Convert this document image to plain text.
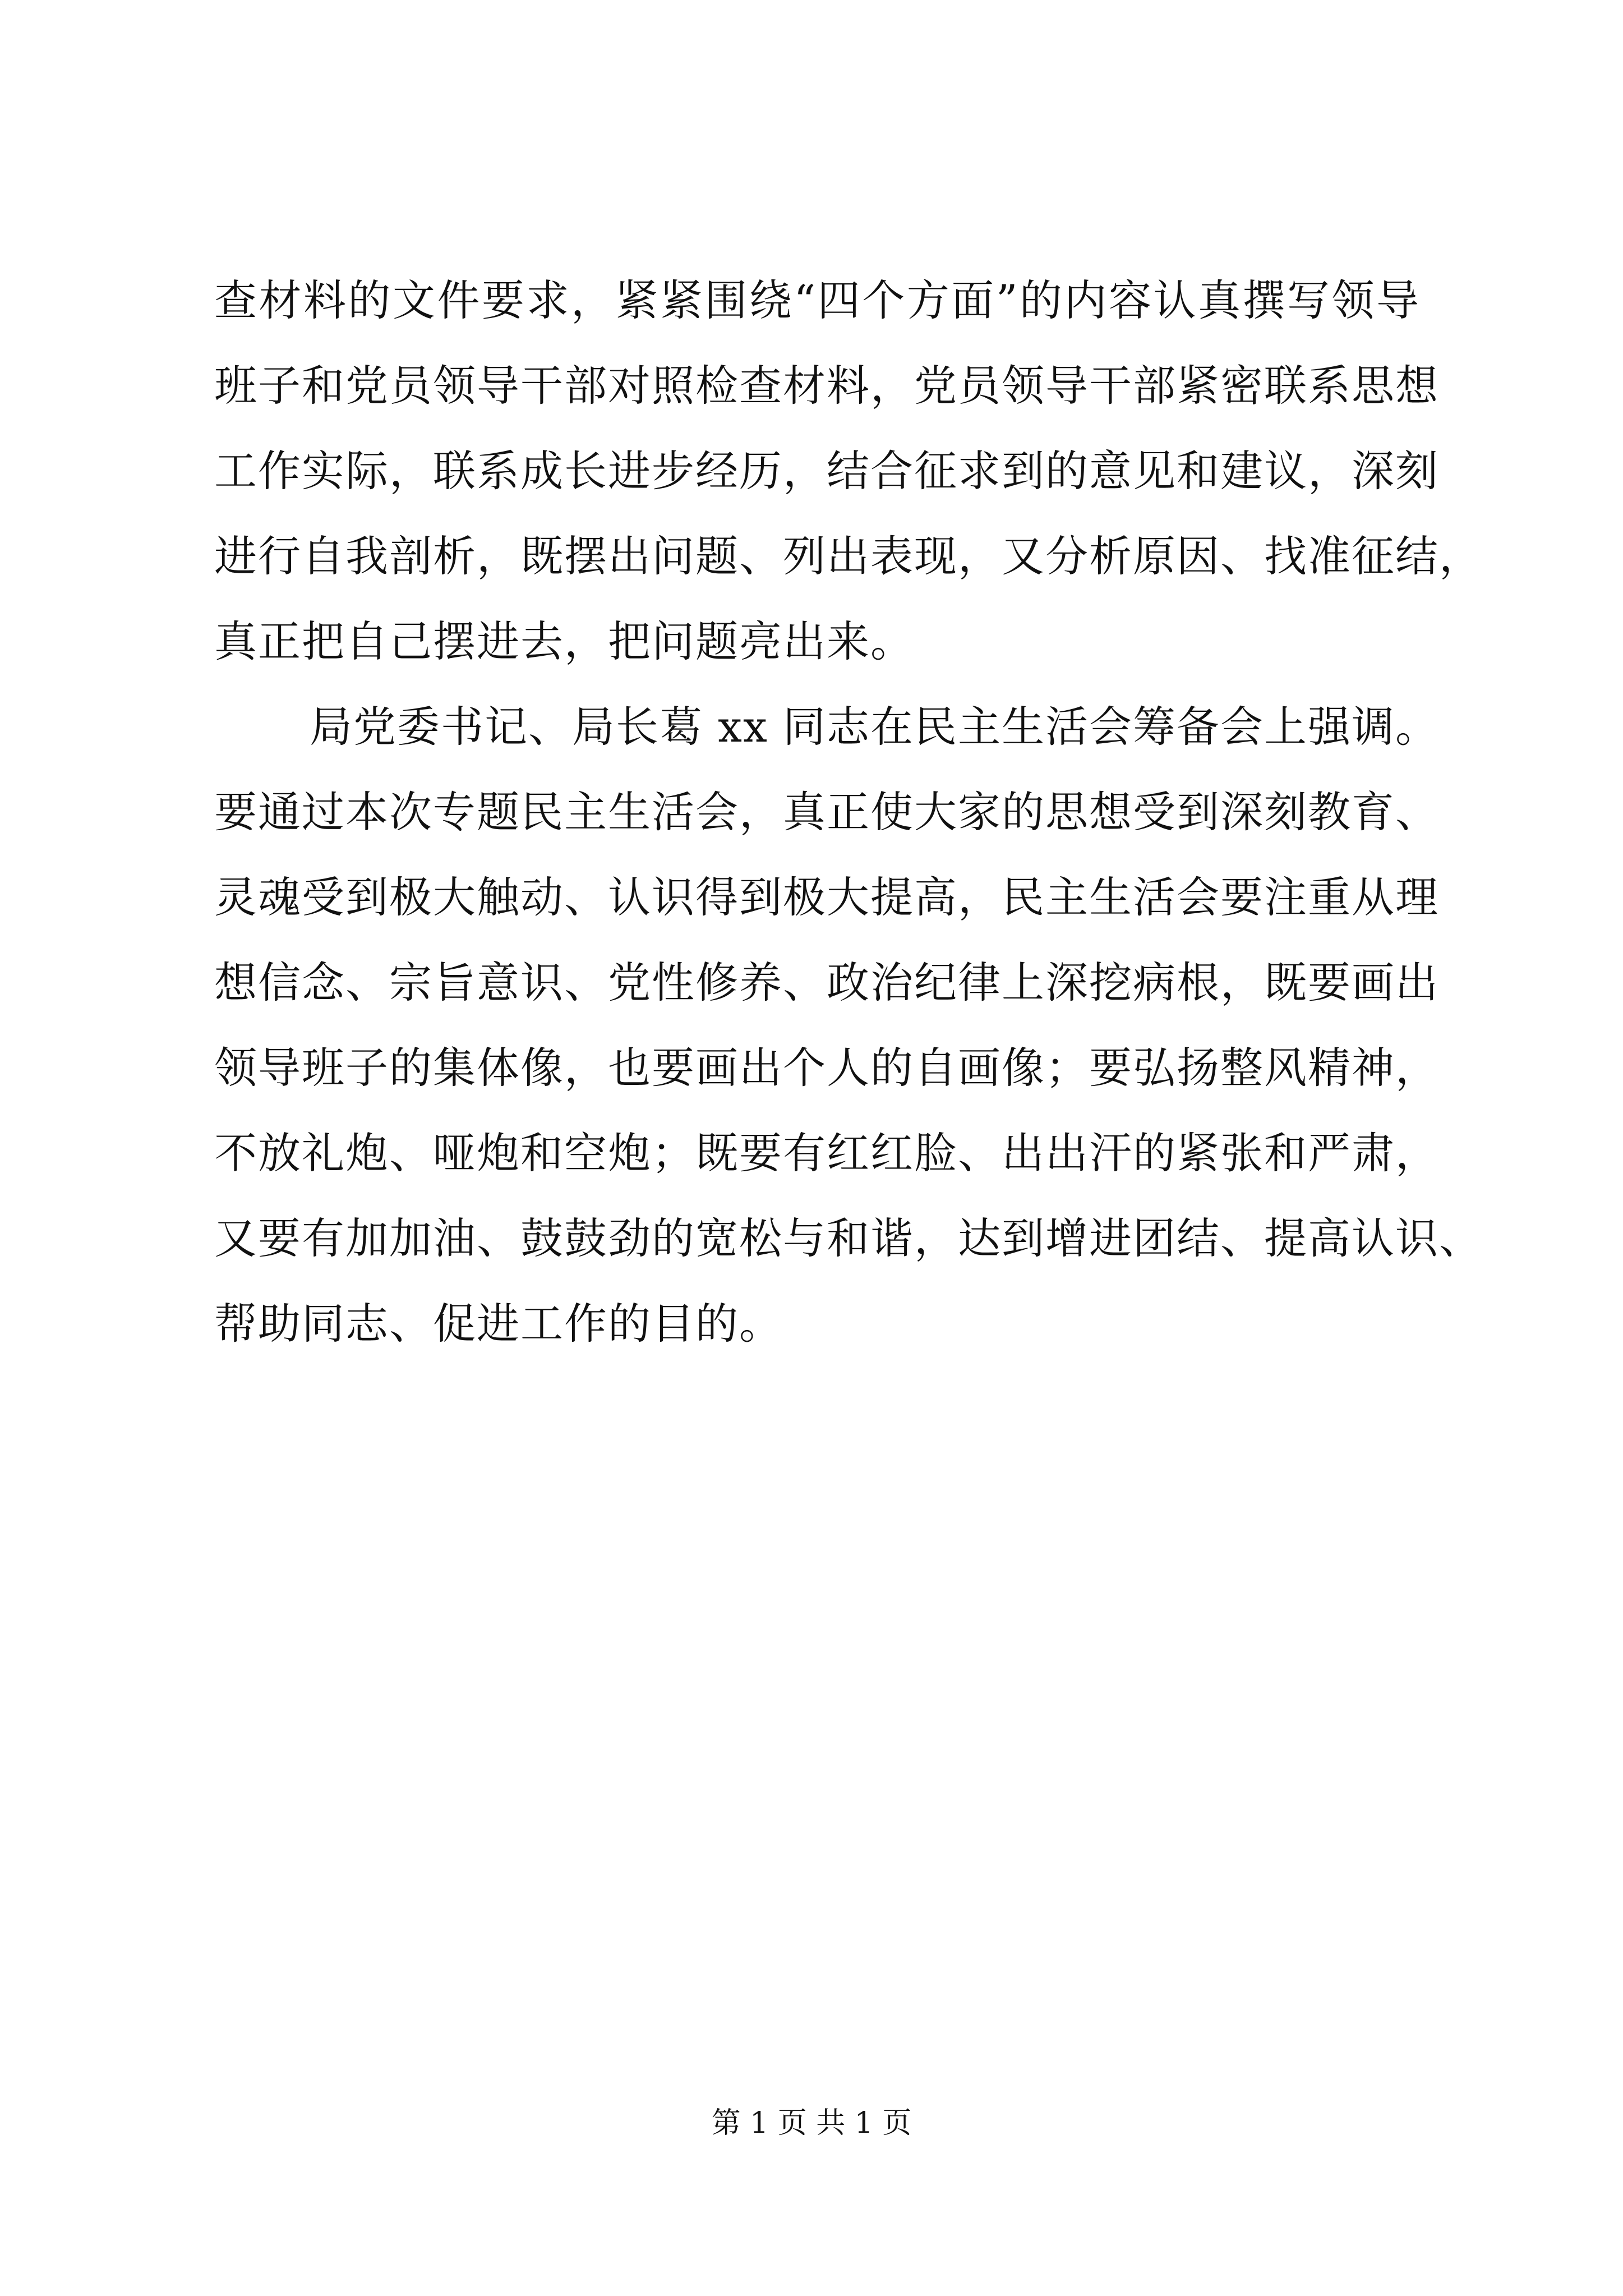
查材料的文件要求，紧紧围绕“四个方面”的内容认真撰写领导
班子和党员领导干部对照检查材料，党员领导干部紧密联系思想
工作实际，联系成长进步经历，结合征求到的意见和建议，深刻
进行自我剖析，既摆出问题、列出表现，又分析原因、找准征结，
真正把自己摆进去，把问题亮出来。
局党委书记、局长葛 xx 同志在民主生活会筹备会上强调。
要通过本次专题民主生活会，真正使大家的思想受到深刻教育、
灵魂受到极大触动、认识得到极大提高，民主生活会要注重从理
想信念、宗旨意识、党性修养、政治纪律上深挖病根，既要画出
领导班子的集体像，也要画出个人的自画像；要弘扬整风精神，
不放礼炮、哑炮和空炮；既要有红红脸、出出汗的紧张和严肃，
又要有加加油、鼓鼓劲的宽松与和谐，达到增进团结、提高认识、
帮助同志、促进工作的目的。
第 1 页 共 1 页
